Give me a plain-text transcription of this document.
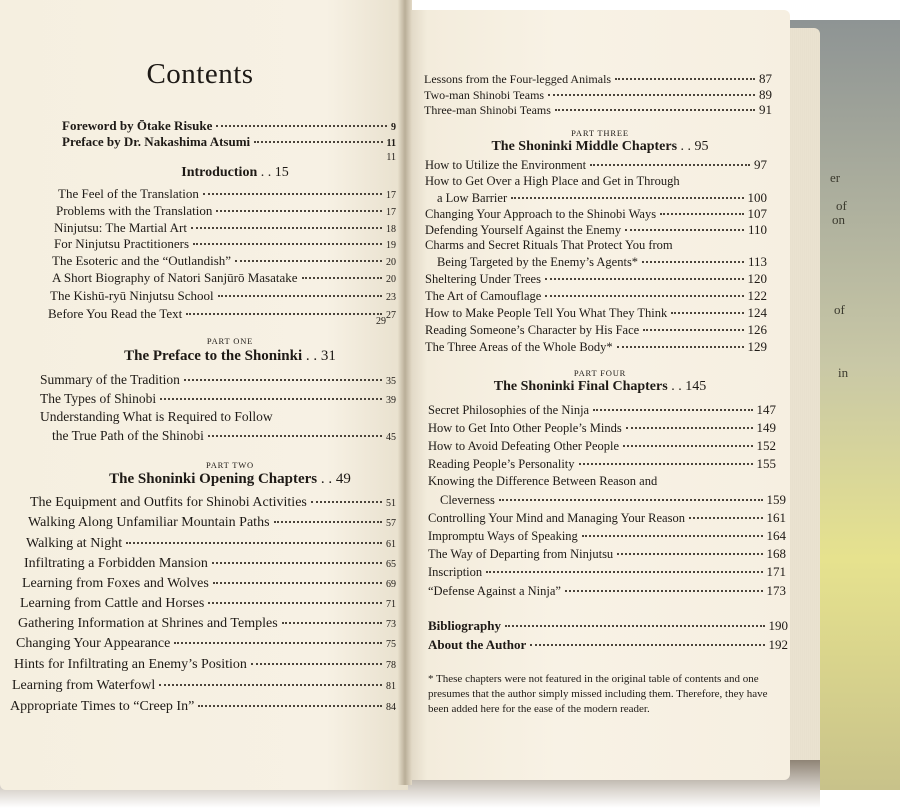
er
of
on
of
in
Contents
Foreword by Ōtake Risuke	9
Preface by Dr. Nakashima Atsumi	11
11
Introduction . . 15
The Feel of the Translation	17
Problems with the Translation	17
Ninjutsu: The Martial Art	18
For Ninjutsu Practitioners	19
The Esoteric and the “Outlandish”	20
A Short Biography of Natori Sanjūrō Masatake	20
The Kishū-ryū Ninjutsu School	23
Before You Read the Text	27
29
PART ONE
The Preface to the Shoninki . . 31
Summary of the Tradition	35
The Types of Shinobi	39
Understanding What is Required to Follow
the True Path of the Shinobi	45
PART TWO
The Shoninki Opening Chapters . . 49
The Equipment and Outfits for Shinobi Activities	51
Walking Along Unfamiliar Mountain Paths	57
Walking at Night	61
Infiltrating a Forbidden Mansion	65
Learning from Foxes and Wolves	69
Learning from Cattle and Horses	71
Gathering Information at Shrines and Temples	73
Changing Your Appearance	75
Hints for Infiltrating an Enemy’s Position	78
Learning from Waterfowl	81
Appropriate Times to “Creep In”	84
Lessons from the Four-legged Animals	87
Two-man Shinobi Teams	89
Three-man Shinobi Teams	91
PART THREE
The Shoninki Middle Chapters . . 95
How to Utilize the Environment	97
How to Get Over a High Place and Get in Through
a Low Barrier	100
Changing Your Approach to the Shinobi Ways	107
Defending Yourself Against the Enemy	110
Charms and Secret Rituals That Protect You from
Being Targeted by the Enemy’s Agents*	113
Sheltering Under Trees	120
The Art of Camouflage	122
How to Make People Tell You What They Think	124
Reading Someone’s Character by His Face	126
The Three Areas of the Whole Body*	129
PART FOUR
The Shoninki Final Chapters . . 145
Secret Philosophies of the Ninja	147
How to Get Into Other People’s Minds	149
How to Avoid Defeating Other People	152
Reading People’s Personality	155
Knowing the Difference Between Reason and
Cleverness	159
Controlling Your Mind and Managing Your Reason	161
Impromptu Ways of Speaking	164
The Way of Departing from Ninjutsu	168
Inscription	171
“Defense Against a Ninja”	173
Bibliography	190
About the Author	192
* These chapters were not featured in the original table of contents and one presumes that the author simply missed including them. Therefore, they have been added here for the ease of the modern reader.
